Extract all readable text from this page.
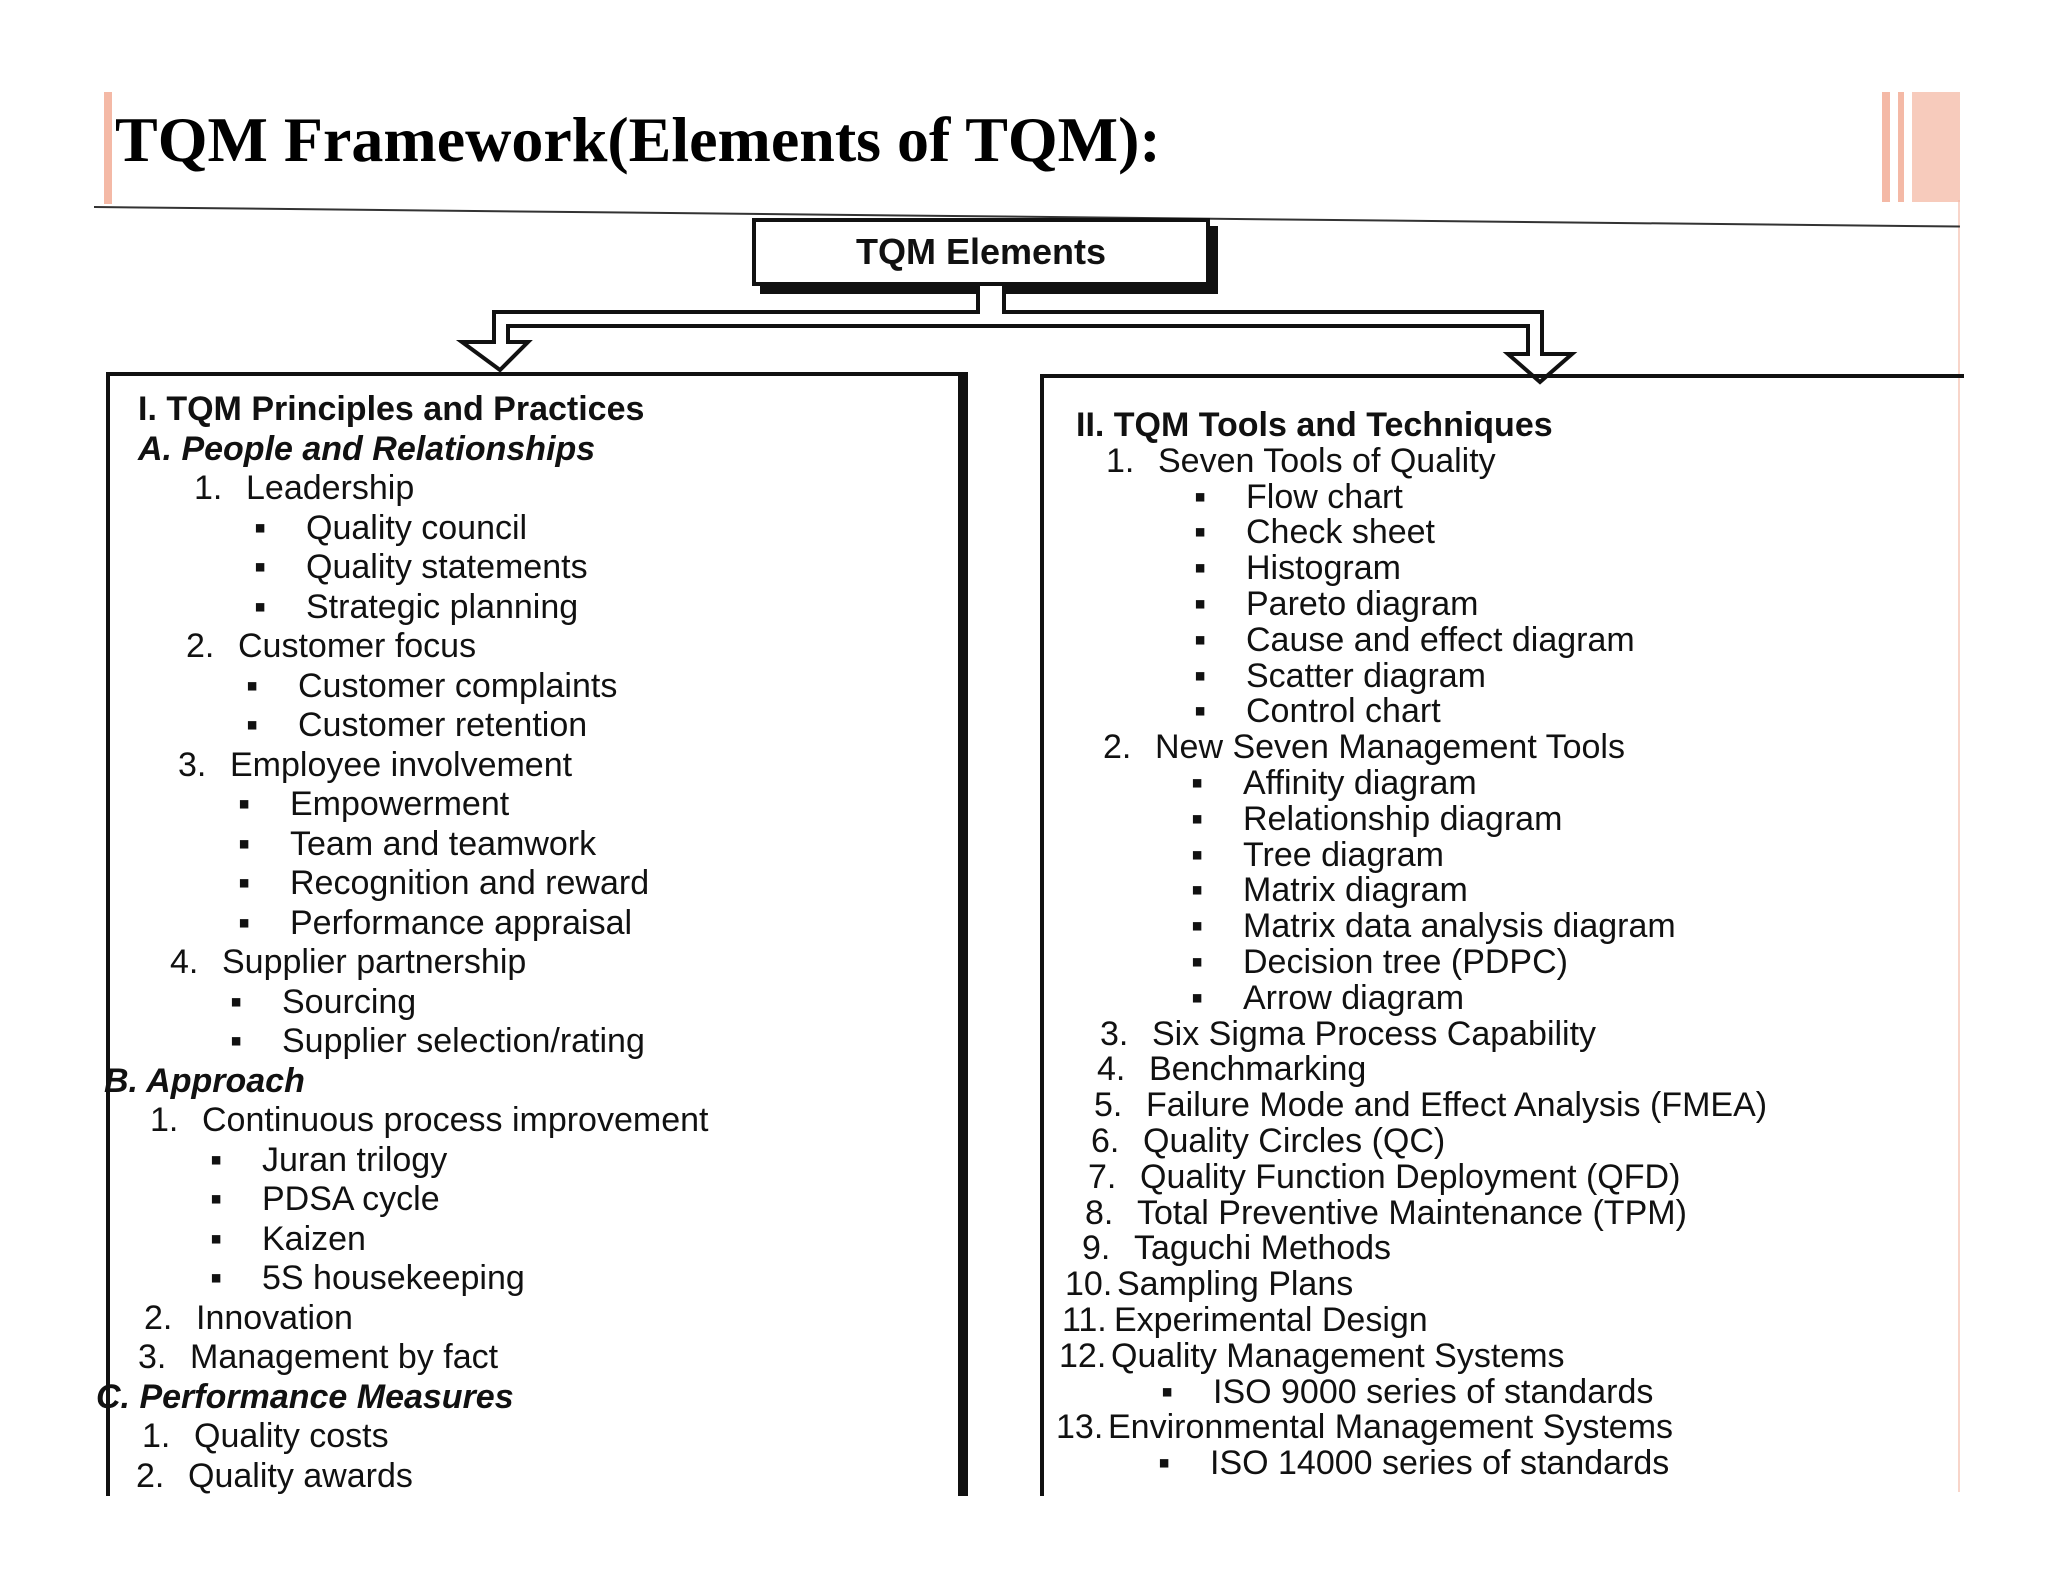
TQM Framework(Elements of TQM):
TQM Elements
I. TQM Principles and Practices
A. People and Relationships
1. Leadership
▪ Quality council
▪ Quality statements
▪ Strategic planning
2. Customer focus
▪ Customer complaints
▪ Customer retention
3. Employee involvement
▪ Empowerment
▪ Team and teamwork
▪ Recognition and reward
▪ Performance appraisal
4. Supplier partnership
▪ Sourcing
▪ Supplier selection/rating
B. Approach
1. Continuous process improvement
▪ Juran trilogy
▪ PDSA cycle
▪ Kaizen
▪ 5S housekeeping
2. Innovation
3. Management by fact
C. Performance Measures
1. Quality costs
2. Quality awards
II. TQM Tools and Techniques
1. Seven Tools of Quality
▪ Flow chart
▪ Check sheet
▪ Histogram
▪ Pareto diagram
▪ Cause and effect diagram
▪ Scatter diagram
▪ Control chart
2. New Seven Management Tools
▪ Affinity diagram
▪ Relationship diagram
▪ Tree diagram
▪ Matrix diagram
▪ Matrix data analysis diagram
▪ Decision tree (PDPC)
▪ Arrow diagram
3. Six Sigma Process Capability
4. Benchmarking
5. Failure Mode and Effect Analysis (FMEA)
6. Quality Circles (QC)
7. Quality Function Deployment (QFD)
8. Total Preventive Maintenance (TPM)
9. Taguchi Methods
10. Sampling Plans
11. Experimental Design
12. Quality Management Systems
▪ ISO 9000 series of standards
13. Environmental Management Systems
▪ ISO 14000 series of standards
